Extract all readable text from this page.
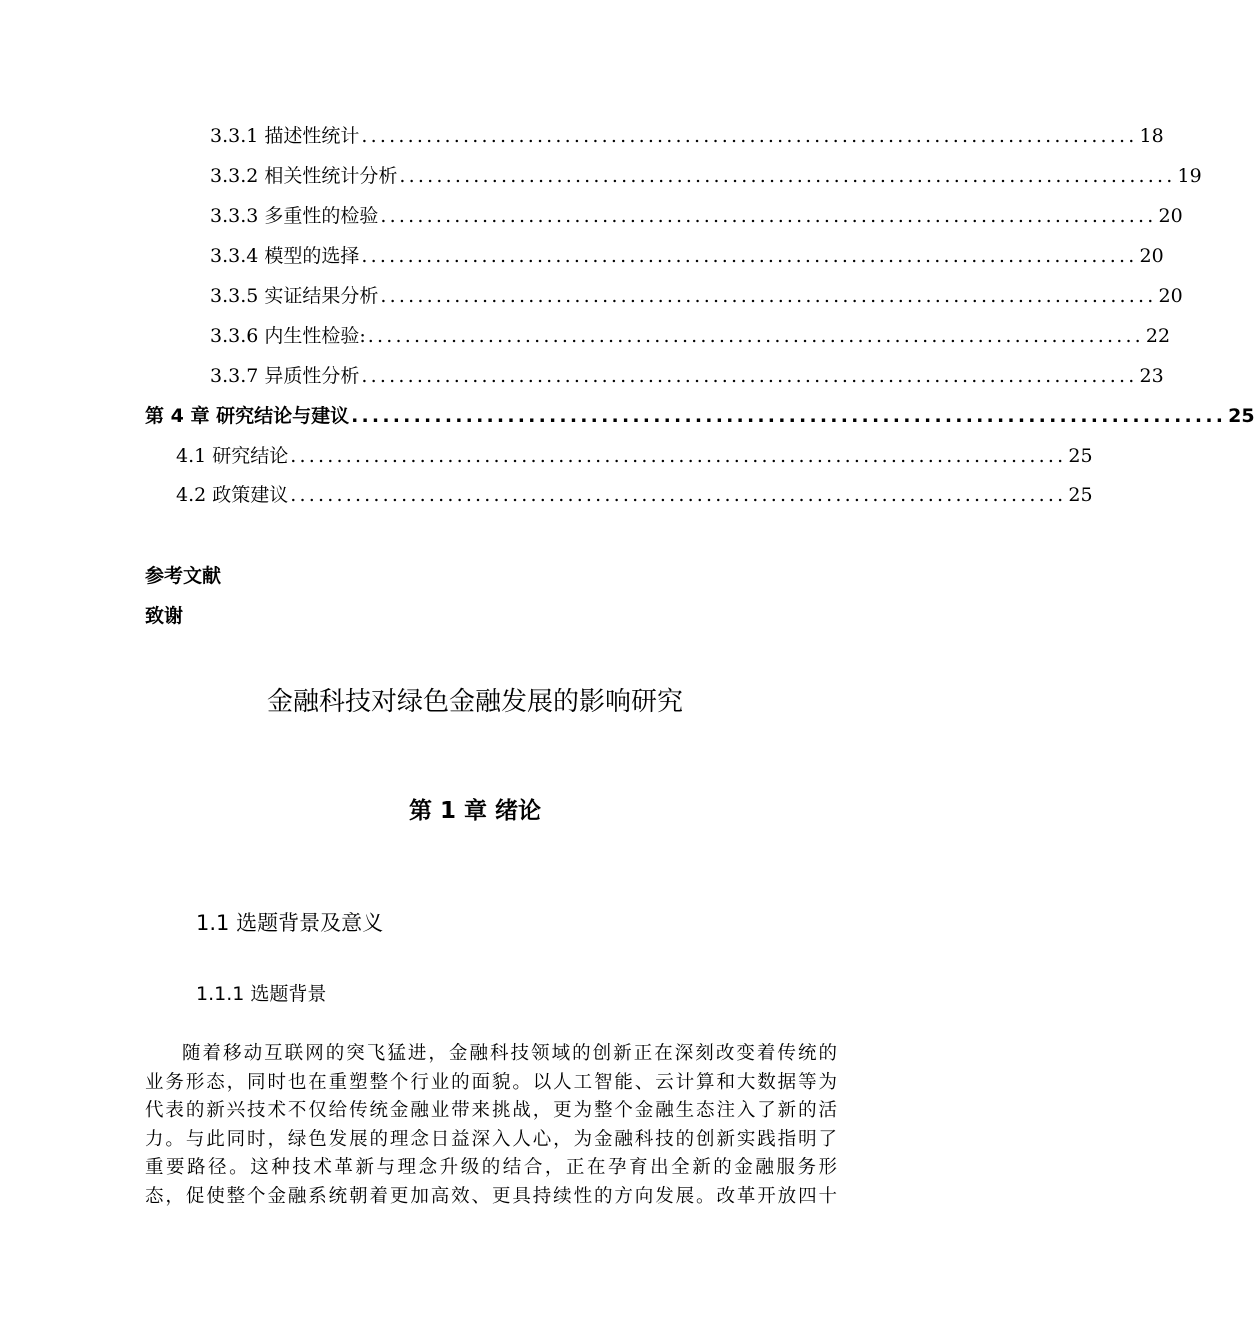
3.3.1 描述性统计 .................................................................................... 18
3.3.2 相关性统计分析 .................................................................................... 19
3.3.3 多重性的检验 .................................................................................... 20
3.3.4 模型的选择 .................................................................................... 20
3.3.5 实证结果分析 .................................................................................... 20
3.3.6 内生性检验: .................................................................................... 22
3.3.7 异质性分析 .................................................................................... 23
第 4 章 研究结论与建议 .................................................................................... 25
4.1 研究结论 .................................................................................... 25
4.2 政策建议 .................................................................................... 25
参考文献
致谢
金融科技对绿色金融发展的影响研究
第 1 章 绪论
1.1 选题背景及意义
1.1.1 选题背景
随着移动互联网的突飞猛进，金融科技领域的创新正在深刻改变着传统的
业务形态，同时也在重塑整个行业的面貌。以人工智能、云计算和大数据等为
代表的新兴技术不仅给传统金融业带来挑战，更为整个金融生态注入了新的活
力。与此同时，绿色发展的理念日益深入人心，为金融科技的创新实践指明了
重要路径。这种技术革新与理念升级的结合，正在孕育出全新的金融服务形
态，促使整个金融系统朝着更加高效、更具持续性的方向发展。改革开放四十
